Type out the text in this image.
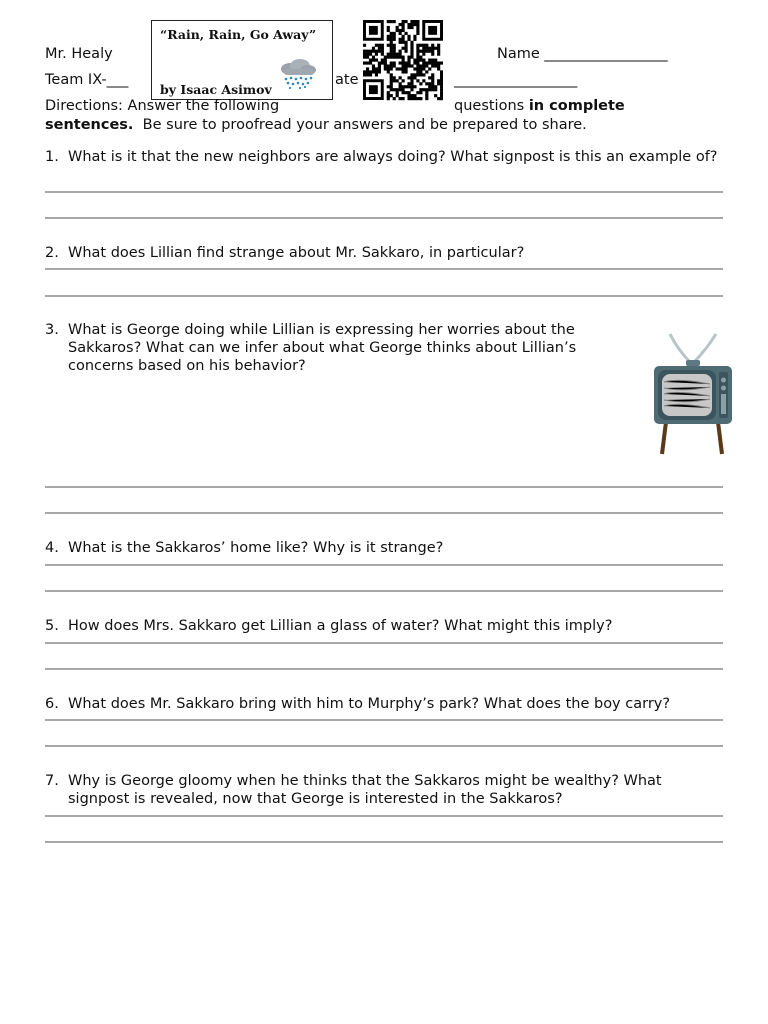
Mr. Healy
Team IX-___	ate	_________________
Name _________________
“Rain, Rain, Go Away”
by Isaac Asimov
Directions: Answer the following	questions in complete
sentences. Be sure to proofread your answers and be prepared to share.
1. What is it that the new neighbors are always doing? What signpost is this an example of?
2. What does Lillian find strange about Mr. Sakkaro, in particular?
3. What is George doing while Lillian is expressing her worries about the Sakkaros? What can we infer about what George thinks about Lillian’s concerns based on his behavior?
4. What is the Sakkaros’ home like? Why is it strange?
5. How does Mrs. Sakkaro get Lillian a glass of water? What might this imply?
6. What does Mr. Sakkaro bring with him to Murphy’s park? What does the boy carry?
7. Why is George gloomy when he thinks that the Sakkaros might be wealthy? What signpost is revealed, now that George is interested in the Sakkaros?
